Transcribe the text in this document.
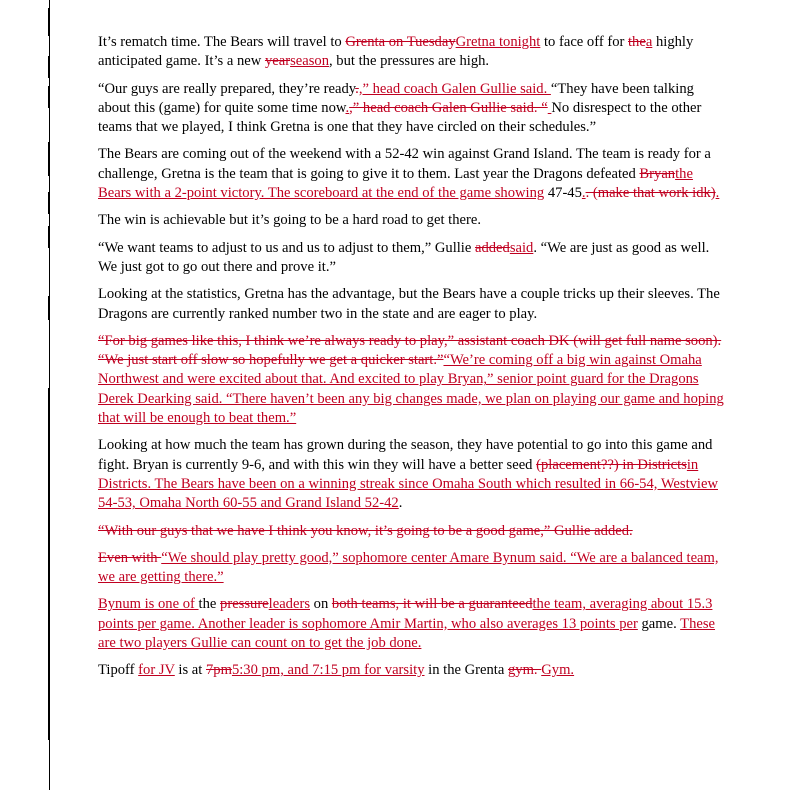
It’s rematch time. The Bears will travel to Grenta on TuesdayGretna tonight to face off for thea highly anticipated game. It’s a new yearseason, but the pressures are high.

“Our guys are really prepared, they’re ready.,” head coach Galen Gullie said. “They have been talking about this (game) for quite some time now.,” head coach Galen Gullie said. “ No disrespect to the other teams that we played, I think Gretna is one that they have circled on their schedules.”

The Bears are coming out of the weekend with a 52-42 win against Grand Island. The team is ready for a challenge, Gretna is the team that is going to give it to them. Last year the Dragons defeated Bryanthe Bears with a 2-point victory. The scoreboard at the end of the game showing 47-45.. (make that work idk).

The win is achievable but it’s going to be a hard road to get there.

“We want teams to adjust to us and us to adjust to them,” Gullie addedsaid. “We are just as good as well. We just got to go out there and prove it.”

Looking at the statistics, Gretna has the advantage, but the Bears have a couple tricks up their sleeves. The Dragons are currently ranked number two in the state and are eager to play.

“For big games like this, I think we’re always ready to play,” assistant coach DK (will get full name soon). “We just start off slow so hopefully we get a quicker start.”“We’re coming off a big win against Omaha Northwest and were excited about that. And excited to play Bryan,” senior point guard for the Dragons Derek Dearking said. “There haven’t been any big changes made, we plan on playing our game and hoping that will be enough to beat them.”

Looking at how much the team has grown during the season, they have potential to go into this game and fight. Bryan is currently 9-6, and with this win they will have a better seed (placement??) in Districtsin Districts. The Bears have been on a winning streak since Omaha South which resulted in 66-54, Westview 54-53, Omaha North 60-55 and Grand Island 52-42.

“With our guys that we have I think you know, it’s going to be a good game,” Gullie added.

Even with “We should play pretty good,” sophomore center Amare Bynum said. “We are a balanced team, we are getting there.”

Bynum is one of the pressureleaders on both teams, it will be a guaranteedthe team, averaging about 15.3 points per game. Another leader is sophomore Amir Martin, who also averages 13 points per game. These are two players Gullie can count on to get the job done.

Tipoff for JV is at 7pm5:30 pm, and 7:15 pm for varsity in the Grenta gym. Gym.
